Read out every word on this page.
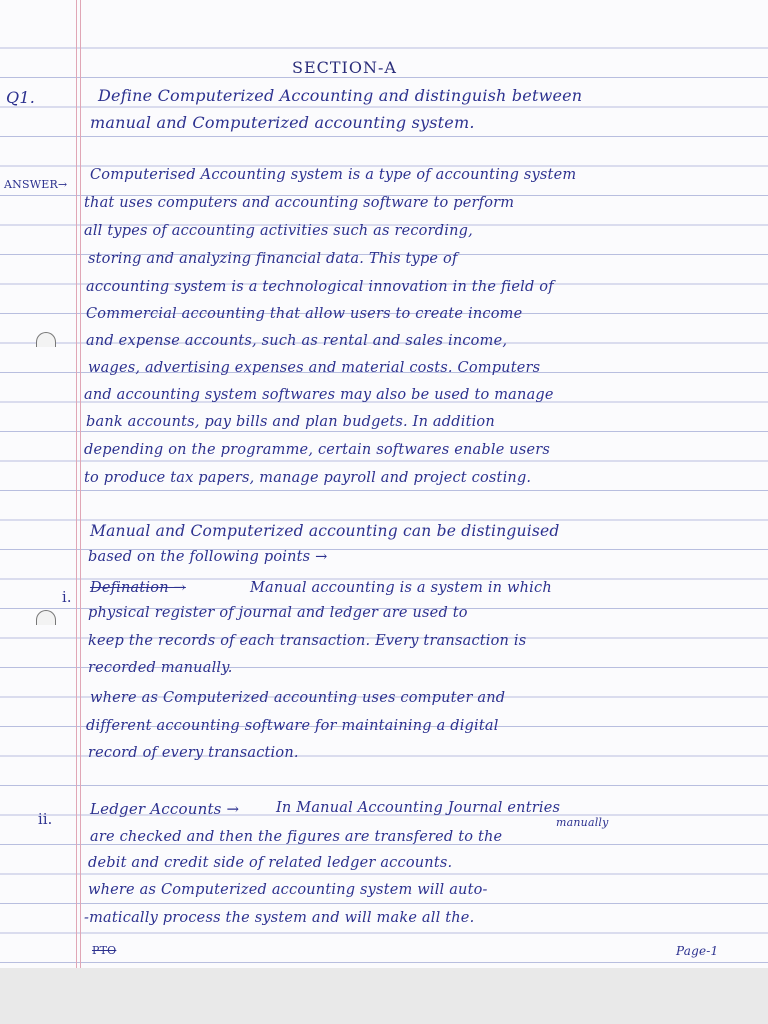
SECTION-A
Q1.	Define Computerized Accounting and distinguish between
manual and Computerized accounting system.
ANSWER→
Computerised Accounting system is a type of accounting system
that uses computers and accounting software to perform
all types of accounting activities such as recording,
storing and analyzing financial data. This type of
accounting system is a technological innovation in the field of
Commercial accounting that allow users to create income
and expense accounts, such as rental and sales income,
wages, advertising expenses and material costs. Computers
and accounting system softwares may also be used to manage
bank accounts, pay bills and plan budgets. In addition
depending on the programme, certain softwares enable users
to produce tax papers, manage payroll and project costing.
Manual and Computerized accounting can be distinguised
based on the following points →
i.
Defination →	Manual accounting is a system in which
physical register of journal and ledger are used to
keep the records of each transaction. Every transaction is
recorded manually.
where as Computerized accounting uses computer and
different accounting software for maintaining a digital
record of every transaction.
ii.
Ledger Accounts →	In Manual Accounting Journal entries
manually
are checked and then the figures are transfered to the
debit and credit side of related ledger accounts.
where as Computerized accounting system will auto-
-matically process the system and will make all the.
PTO	Page-1
